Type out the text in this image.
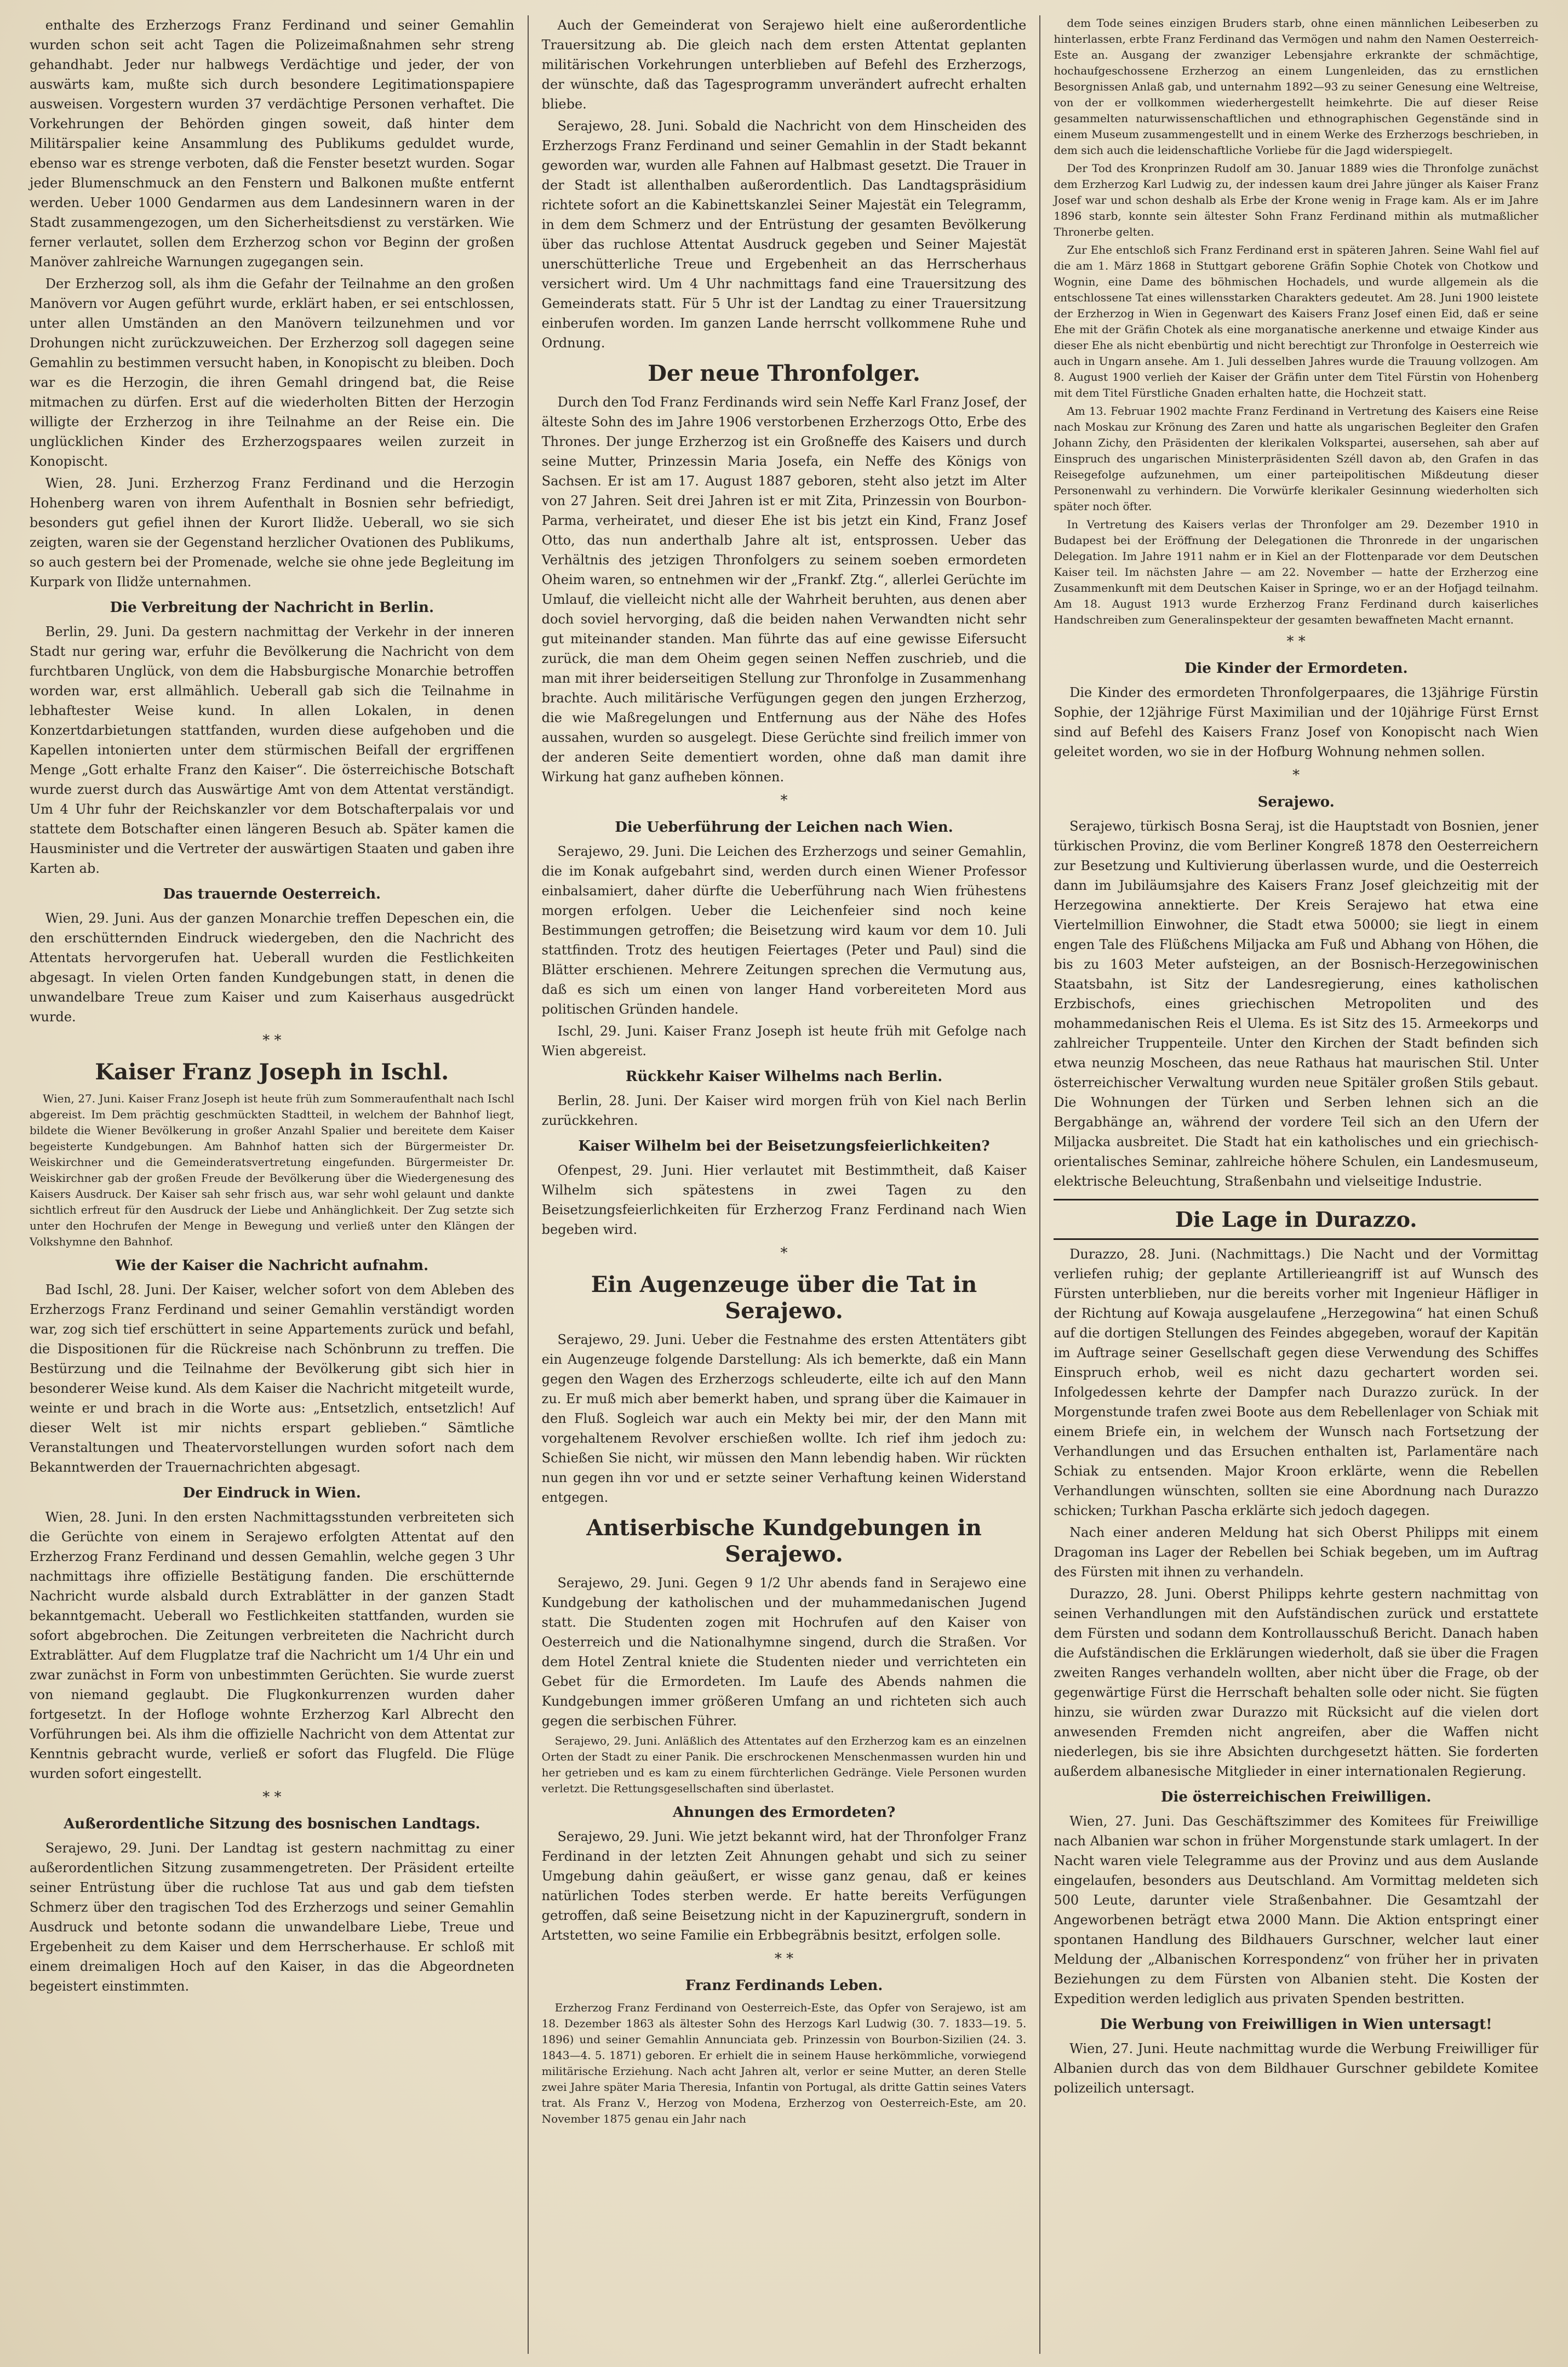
enthalte des Erzherzogs Franz Ferdinand und seiner Gemahlin wurden schon seit acht Tagen die Polizeimaßnahmen sehr streng gehandhabt. Jeder nur halbwegs Verdächtige und jeder, der von auswärts kam, mußte sich durch besondere Legitimationspapiere ausweisen. Vorgestern wurden 37 verdächtige Personen verhaftet. Die Vorkehrungen der Behörden gingen soweit, daß hinter dem Militärspalier keine Ansammlung des Publikums geduldet wurde, ebenso war es strenge verboten, daß die Fenster besetzt wurden. Sogar jeder Blumenschmuck an den Fenstern und Balkonen mußte entfernt werden. Ueber 1000 Gendarmen aus dem Landesinnern waren in der Stadt zusammengezogen, um den Sicherheitsdienst zu verstärken. Wie ferner verlautet, sollen dem Erzherzog schon vor Beginn der großen Manöver zahlreiche Warnungen zugegangen sein.

Der Erzherzog soll, als ihm die Gefahr der Teilnahme an den großen Manövern vor Augen geführt wurde, erklärt haben, er sei entschlossen, unter allen Umständen an den Manövern teilzunehmen und vor Drohungen nicht zurückzuweichen. Der Erzherzog soll dagegen seine Gemahlin zu bestimmen versucht haben, in Konopischt zu bleiben. Doch war es die Herzogin, die ihren Gemahl dringend bat, die Reise mitmachen zu dürfen. Erst auf die wiederholten Bitten der Herzogin willigte der Erzherzog in ihre Teilnahme an der Reise ein. Die unglücklichen Kinder des Erzherzogspaares weilen zurzeit in Konopischt.

Wien, 28. Juni. Erzherzog Franz Ferdinand und die Herzogin Hohenberg waren von ihrem Aufenthalt in Bosnien sehr befriedigt, besonders gut gefiel ihnen der Kurort Ilidže. Ueberall, wo sie sich zeigten, waren sie der Gegenstand herzlicher Ovationen des Publikums, so auch gestern bei der Promenade, welche sie ohne jede Begleitung im Kurpark von Ilidže unternahmen.

Die Verbreitung der Nachricht in Berlin.

Berlin, 29. Juni. Da gestern nachmittag der Verkehr in der inneren Stadt nur gering war, erfuhr die Bevölkerung die Nachricht von dem furchtbaren Unglück, von dem die Habsburgische Monarchie betroffen worden war, erst allmählich. Ueberall gab sich die Teilnahme in lebhaftester Weise kund. In allen Lokalen, in denen Konzertdarbietungen stattfanden, wurden diese aufgehoben und die Kapellen intonierten unter dem stürmischen Beifall der ergriffenen Menge „Gott erhalte Franz den Kaiser“. Die österreichische Botschaft wurde zuerst durch das Auswärtige Amt von dem Attentat verständigt. Um 4 Uhr fuhr der Reichskanzler vor dem Botschafterpalais vor und stattete dem Botschafter einen längeren Besuch ab. Später kamen die Hausminister und die Vertreter der auswärtigen Staaten und gaben ihre Karten ab.

Das trauernde Oesterreich.

Wien, 29. Juni. Aus der ganzen Monarchie treffen Depeschen ein, die den erschütternden Eindruck wiedergeben, den die Nachricht des Attentats hervorgerufen hat. Ueberall wurden die Festlichkeiten abgesagt. In vielen Orten fanden Kundgebungen statt, in denen die unwandelbare Treue zum Kaiser und zum Kaiserhaus ausgedrückt wurde.

* *
Kaiser Franz Joseph in Ischl.

Wien, 27. Juni. Kaiser Franz Joseph ist heute früh zum Sommeraufenthalt nach Ischl abgereist. Im Dem prächtig geschmückten Stadtteil, in welchem der Bahnhof liegt, bildete die Wiener Bevölkerung in großer Anzahl Spalier und bereitete dem Kaiser begeisterte Kundgebungen. Am Bahnhof hatten sich der Bürgermeister Dr. Weiskirchner und die Gemeinderatsvertretung eingefunden. Bürgermeister Dr. Weiskirchner gab der großen Freude der Bevölkerung über die Wiedergenesung des Kaisers Ausdruck. Der Kaiser sah sehr frisch aus, war sehr wohl gelaunt und dankte sichtlich erfreut für den Ausdruck der Liebe und Anhänglichkeit. Der Zug setzte sich unter den Hochrufen der Menge in Bewegung und verließ unter den Klängen der Volkshymne den Bahnhof.

Wie der Kaiser die Nachricht aufnahm.

Bad Ischl, 28. Juni. Der Kaiser, welcher sofort von dem Ableben des Erzherzogs Franz Ferdinand und seiner Gemahlin verständigt worden war, zog sich tief erschüttert in seine Appartements zurück und befahl, die Dispositionen für die Rückreise nach Schönbrunn zu treffen. Die Bestürzung und die Teilnahme der Bevölkerung gibt sich hier in besonderer Weise kund. Als dem Kaiser die Nachricht mitgeteilt wurde, weinte er und brach in die Worte aus: „Entsetzlich, entsetzlich! Auf dieser Welt ist mir nichts erspart geblieben.“ Sämtliche Veranstaltungen und Theatervorstellungen wurden sofort nach dem Bekanntwerden der Trauernachrichten abgesagt.

Der Eindruck in Wien.

Wien, 28. Juni. In den ersten Nachmittagsstunden verbreiteten sich die Gerüchte von einem in Serajewo erfolgten Attentat auf den Erzherzog Franz Ferdinand und dessen Gemahlin, welche gegen 3 Uhr nachmittags ihre offizielle Bestätigung fanden. Die erschütternde Nachricht wurde alsbald durch Extrablätter in der ganzen Stadt bekanntgemacht. Ueberall wo Festlichkeiten stattfanden, wurden sie sofort abgebrochen. Die Zeitungen verbreiteten die Nachricht durch Extrablätter. Auf dem Flugplatze traf die Nachricht um 1/4 Uhr ein und zwar zunächst in Form von unbestimmten Gerüchten. Sie wurde zuerst von niemand geglaubt. Die Flugkonkurrenzen wurden daher fortgesetzt. In der Hofloge wohnte Erzherzog Karl Albrecht den Vorführungen bei. Als ihm die offizielle Nachricht von dem Attentat zur Kenntnis gebracht wurde, verließ er sofort das Flugfeld. Die Flüge wurden sofort eingestellt.

* *
Außerordentliche Sitzung des bosnischen Landtags.

Serajewo, 29. Juni. Der Landtag ist gestern nachmittag zu einer außerordentlichen Sitzung zusammengetreten. Der Präsident erteilte seiner Entrüstung über die ruchlose Tat aus und gab dem tiefsten Schmerz über den tragischen Tod des Erzherzogs und seiner Gemahlin Ausdruck und betonte sodann die unwandelbare Liebe, Treue und Ergebenheit zu dem Kaiser und dem Herrscherhause. Er schloß mit einem dreimaligen Hoch auf den Kaiser, in das die Abgeordneten begeistert einstimmten.

Auch der Gemeinderat von Serajewo hielt eine außerordentliche Trauersitzung ab. Die gleich nach dem ersten Attentat geplanten militärischen Vorkehrungen unterblieben auf Befehl des Erzherzogs, der wünschte, daß das Tagesprogramm unverändert aufrecht erhalten bliebe.

Serajewo, 28. Juni. Sobald die Nachricht von dem Hinscheiden des Erzherzogs Franz Ferdinand und seiner Gemahlin in der Stadt bekannt geworden war, wurden alle Fahnen auf Halbmast gesetzt. Die Trauer in der Stadt ist allenthalben außerordentlich. Das Landtagspräsidium richtete sofort an die Kabinettskanzlei Seiner Majestät ein Telegramm, in dem dem Schmerz und der Entrüstung der gesamten Bevölkerung über das ruchlose Attentat Ausdruck gegeben und Seiner Majestät unerschütterliche Treue und Ergebenheit an das Herrscherhaus versichert wird. Um 4 Uhr nachmittags fand eine Trauersitzung des Gemeinderats statt. Für 5 Uhr ist der Landtag zu einer Trauersitzung einberufen worden. Im ganzen Lande herrscht vollkommene Ruhe und Ordnung.

Der neue Thronfolger.

Durch den Tod Franz Ferdinands wird sein Neffe Karl Franz Josef, der älteste Sohn des im Jahre 1906 verstorbenen Erzherzogs Otto, Erbe des Thrones. Der junge Erzherzog ist ein Großneffe des Kaisers und durch seine Mutter, Prinzessin Maria Josefa, ein Neffe des Königs von Sachsen. Er ist am 17. August 1887 geboren, steht also jetzt im Alter von 27 Jahren. Seit drei Jahren ist er mit Zita, Prinzessin von Bourbon-Parma, verheiratet, und dieser Ehe ist bis jetzt ein Kind, Franz Josef Otto, das nun anderthalb Jahre alt ist, entsprossen. Ueber das Verhältnis des jetzigen Thronfolgers zu seinem soeben ermordeten Oheim waren, so entnehmen wir der „Frankf. Ztg.“, allerlei Gerüchte im Umlauf, die vielleicht nicht alle der Wahrheit beruhten, aus denen aber doch soviel hervorging, daß die beiden nahen Verwandten nicht sehr gut miteinander standen. Man führte das auf eine gewisse Eifersucht zurück, die man dem Oheim gegen seinen Neffen zuschrieb, und die man mit ihrer beiderseitigen Stellung zur Thronfolge in Zusammenhang brachte. Auch militärische Verfügungen gegen den jungen Erzherzog, die wie Maßregelungen und Entfernung aus der Nähe des Hofes aussahen, wurden so ausgelegt. Diese Gerüchte sind freilich immer von der anderen Seite dementiert worden, ohne daß man damit ihre Wirkung hat ganz aufheben können.

*
Die Ueberführung der Leichen nach Wien.

Serajewo, 29. Juni. Die Leichen des Erzherzogs und seiner Gemahlin, die im Konak aufgebahrt sind, werden durch einen Wiener Professor einbalsamiert, daher dürfte die Ueberführung nach Wien frühestens morgen erfolgen. Ueber die Leichenfeier sind noch keine Bestimmungen getroffen; die Beisetzung wird kaum vor dem 10. Juli stattfinden. Trotz des heutigen Feiertages (Peter und Paul) sind die Blätter erschienen. Mehrere Zeitungen sprechen die Vermutung aus, daß es sich um einen von langer Hand vorbereiteten Mord aus politischen Gründen handele.

Ischl, 29. Juni. Kaiser Franz Joseph ist heute früh mit Gefolge nach Wien abgereist.

Rückkehr Kaiser Wilhelms nach Berlin.

Berlin, 28. Juni. Der Kaiser wird morgen früh von Kiel nach Berlin zurückkehren.

Kaiser Wilhelm bei der Beisetzungsfeierlichkeiten?

Ofenpest, 29. Juni. Hier verlautet mit Bestimmtheit, daß Kaiser Wilhelm sich spätestens in zwei Tagen zu den Beisetzungsfeierlichkeiten für Erzherzog Franz Ferdinand nach Wien begeben wird.

*
Ein Augenzeuge über die Tat in Serajewo.

Serajewo, 29. Juni. Ueber die Festnahme des ersten Attentäters gibt ein Augenzeuge folgende Darstellung: Als ich bemerkte, daß ein Mann gegen den Wagen des Erzherzogs schleuderte, eilte ich auf den Mann zu. Er muß mich aber bemerkt haben, und sprang über die Kaimauer in den Fluß. Sogleich war auch ein Mekty bei mir, der den Mann mit vorgehaltenem Revolver erschießen wollte. Ich rief ihm jedoch zu: Schießen Sie nicht, wir müssen den Mann lebendig haben. Wir rückten nun gegen ihn vor und er setzte seiner Verhaftung keinen Widerstand entgegen.

Antiserbische Kundgebungen in Serajewo.

Serajewo, 29. Juni. Gegen 9 1/2 Uhr abends fand in Serajewo eine Kundgebung der katholischen und der muhammedanischen Jugend statt. Die Studenten zogen mit Hochrufen auf den Kaiser von Oesterreich und die Nationalhymne singend, durch die Straßen. Vor dem Hotel Zentral kniete die Studenten nieder und verrichteten ein Gebet für die Ermordeten. Im Laufe des Abends nahmen die Kundgebungen immer größeren Umfang an und richteten sich auch gegen die serbischen Führer.

Serajewo, 29. Juni. Anläßlich des Attentates auf den Erzherzog kam es an einzelnen Orten der Stadt zu einer Panik. Die erschrockenen Menschenmassen wurden hin und her getrieben und es kam zu einem fürchterlichen Gedränge. Viele Personen wurden verletzt. Die Rettungsgesellschaften sind überlastet.

Ahnungen des Ermordeten?

Serajewo, 29. Juni. Wie jetzt bekannt wird, hat der Thronfolger Franz Ferdinand in der letzten Zeit Ahnungen gehabt und sich zu seiner Umgebung dahin geäußert, er wisse ganz genau, daß er keines natürlichen Todes sterben werde. Er hatte bereits Verfügungen getroffen, daß seine Beisetzung nicht in der Kapuzinergruft, sondern in Artstetten, wo seine Familie ein Erbbegräbnis besitzt, erfolgen solle.

* *
Franz Ferdinands Leben.

Erzherzog Franz Ferdinand von Oesterreich-Este, das Opfer von Serajewo, ist am 18. Dezember 1863 als ältester Sohn des Herzogs Karl Ludwig (30. 7. 1833—19. 5. 1896) und seiner Gemahlin Annunciata geb. Prinzessin von Bourbon-Sizilien (24. 3. 1843—4. 5. 1871) geboren. Er erhielt die in seinem Hause herkömmliche, vorwiegend militärische Erziehung. Nach acht Jahren alt, verlor er seine Mutter, an deren Stelle zwei Jahre später Maria Theresia, Infantin von Portugal, als dritte Gattin seines Vaters trat. Als Franz V., Herzog von Modena, Erzherzog von Oesterreich-Este, am 20. November 1875 genau ein Jahr nach

dem Tode seines einzigen Bruders starb, ohne einen männlichen Leibeserben zu hinterlassen, erbte Franz Ferdinand das Vermögen und nahm den Namen Oesterreich-Este an. Ausgang der zwanziger Lebensjahre erkrankte der schmächtige, hochaufgeschossene Erzherzog an einem Lungenleiden, das zu ernstlichen Besorgnissen Anlaß gab, und unternahm 1892—93 zu seiner Genesung eine Weltreise, von der er vollkommen wiederhergestellt heimkehrte. Die auf dieser Reise gesammelten naturwissenschaftlichen und ethnographischen Gegenstände sind in einem Museum zusammengestellt und in einem Werke des Erzherzogs beschrieben, in dem sich auch die leidenschaftliche Vorliebe für die Jagd widerspiegelt.

Der Tod des Kronprinzen Rudolf am 30. Januar 1889 wies die Thronfolge zunächst dem Erzherzog Karl Ludwig zu, der indessen kaum drei Jahre jünger als Kaiser Franz Josef war und schon deshalb als Erbe der Krone wenig in Frage kam. Als er im Jahre 1896 starb, konnte sein ältester Sohn Franz Ferdinand mithin als mutmaßlicher Thronerbe gelten.

Zur Ehe entschloß sich Franz Ferdinand erst in späteren Jahren. Seine Wahl fiel auf die am 1. März 1868 in Stuttgart geborene Gräfin Sophie Chotek von Chotkow und Wognin, eine Dame des böhmischen Hochadels, und wurde allgemein als die entschlossene Tat eines willensstarken Charakters gedeutet. Am 28. Juni 1900 leistete der Erzherzog in Wien in Gegenwart des Kaisers Franz Josef einen Eid, daß er seine Ehe mit der Gräfin Chotek als eine morganatische anerkenne und etwaige Kinder aus dieser Ehe als nicht ebenbürtig und nicht berechtigt zur Thronfolge in Oesterreich wie auch in Ungarn ansehe. Am 1. Juli desselben Jahres wurde die Trauung vollzogen. Am 8. August 1900 verlieh der Kaiser der Gräfin unter dem Titel Fürstin von Hohenberg mit dem Titel Fürstliche Gnaden erhalten hatte, die Hochzeit statt.

Am 13. Februar 1902 machte Franz Ferdinand in Vertretung des Kaisers eine Reise nach Moskau zur Krönung des Zaren und hatte als ungarischen Begleiter den Grafen Johann Zichy, den Präsidenten der klerikalen Volkspartei, ausersehen, sah aber auf Einspruch des ungarischen Ministerpräsidenten Széll davon ab, den Grafen in das Reisegefolge aufzunehmen, um einer parteipolitischen Mißdeutung dieser Personenwahl zu verhindern. Die Vorwürfe klerikaler Gesinnung wiederholten sich später noch öfter.

In Vertretung des Kaisers verlas der Thronfolger am 29. Dezember 1910 in Budapest bei der Eröffnung der Delegationen die Thronrede in der ungarischen Delegation. Im Jahre 1911 nahm er in Kiel an der Flottenparade vor dem Deutschen Kaiser teil. Im nächsten Jahre — am 22. November — hatte der Erzherzog eine Zusammenkunft mit dem Deutschen Kaiser in Springe, wo er an der Hofjagd teilnahm. Am 18. August 1913 wurde Erzherzog Franz Ferdinand durch kaiserliches Handschreiben zum Generalinspekteur der gesamten bewaffneten Macht ernannt.

* *
Die Kinder der Ermordeten.

Die Kinder des ermordeten Thronfolgerpaares, die 13jährige Fürstin Sophie, der 12jährige Fürst Maximilian und der 10jährige Fürst Ernst sind auf Befehl des Kaisers Franz Josef von Konopischt nach Wien geleitet worden, wo sie in der Hofburg Wohnung nehmen sollen.

*
Serajewo.

Serajewo, türkisch Bosna Seraj, ist die Hauptstadt von Bosnien, jener türkischen Provinz, die vom Berliner Kongreß 1878 den Oesterreichern zur Besetzung und Kultivierung überlassen wurde, und die Oesterreich dann im Jubiläumsjahre des Kaisers Franz Josef gleichzeitig mit der Herzegowina annektierte. Der Kreis Serajewo hat etwa eine Viertelmillion Einwohner, die Stadt etwa 50000; sie liegt in einem engen Tale des Flüßchens Miljacka am Fuß und Abhang von Höhen, die bis zu 1603 Meter aufsteigen, an der Bosnisch-Herzegowinischen Staatsbahn, ist Sitz der Landesregierung, eines katholischen Erzbischofs, eines griechischen Metropoliten und des mohammedanischen Reis el Ulema. Es ist Sitz des 15. Armeekorps und zahlreicher Truppenteile. Unter den Kirchen der Stadt befinden sich etwa neunzig Moscheen, das neue Rathaus hat maurischen Stil. Unter österreichischer Verwaltung wurden neue Spitäler großen Stils gebaut. Die Wohnungen der Türken und Serben lehnen sich an die Bergabhänge an, während der vordere Teil sich an den Ufern der Miljacka ausbreitet. Die Stadt hat ein katholisches und ein griechisch-orientalisches Seminar, zahlreiche höhere Schulen, ein Landesmuseum, elektrische Beleuchtung, Straßenbahn und vielseitige Industrie.

Die Lage in Durazzo.

Durazzo, 28. Juni. (Nachmittags.) Die Nacht und der Vormittag verliefen ruhig; der geplante Artillerieangriff ist auf Wunsch des Fürsten unterblieben, nur die bereits vorher mit Ingenieur Häfliger in der Richtung auf Kowaja ausgelaufene „Herzegowina“ hat einen Schuß auf die dortigen Stellungen des Feindes abgegeben, worauf der Kapitän im Auftrage seiner Gesellschaft gegen diese Verwendung des Schiffes Einspruch erhob, weil es nicht dazu gechartert worden sei. Infolgedessen kehrte der Dampfer nach Durazzo zurück. In der Morgenstunde trafen zwei Boote aus dem Rebellenlager von Schiak mit einem Briefe ein, in welchem der Wunsch nach Fortsetzung der Verhandlungen und das Ersuchen enthalten ist, Parlamentäre nach Schiak zu entsenden. Major Kroon erklärte, wenn die Rebellen Verhandlungen wünschten, sollten sie eine Abordnung nach Durazzo schicken; Turkhan Pascha erklärte sich jedoch dagegen.

Nach einer anderen Meldung hat sich Oberst Philipps mit einem Dragoman ins Lager der Rebellen bei Schiak begeben, um im Auftrag des Fürsten mit ihnen zu verhandeln.

Durazzo, 28. Juni. Oberst Philipps kehrte gestern nachmittag von seinen Verhandlungen mit den Aufständischen zurück und erstattete dem Fürsten und sodann dem Kontrollausschuß Bericht. Danach haben die Aufständischen die Erklärungen wiederholt, daß sie über die Fragen zweiten Ranges verhandeln wollten, aber nicht über die Frage, ob der gegenwärtige Fürst die Herrschaft behalten solle oder nicht. Sie fügten hinzu, sie würden zwar Durazzo mit Rücksicht auf die vielen dort anwesenden Fremden nicht angreifen, aber die Waffen nicht niederlegen, bis sie ihre Absichten durchgesetzt hätten. Sie forderten außerdem albanesische Mitglieder in einer internationalen Regierung.

Die österreichischen Freiwilligen.

Wien, 27. Juni. Das Geschäftszimmer des Komitees für Freiwillige nach Albanien war schon in früher Morgenstunde stark umlagert. In der Nacht waren viele Telegramme aus der Provinz und aus dem Auslande eingelaufen, besonders aus Deutschland. Am Vormittag meldeten sich 500 Leute, darunter viele Straßenbahner. Die Gesamtzahl der Angeworbenen beträgt etwa 2000 Mann. Die Aktion entspringt einer spontanen Handlung des Bildhauers Gurschner, welcher laut einer Meldung der „Albanischen Korrespondenz“ von früher her in privaten Beziehungen zu dem Fürsten von Albanien steht. Die Kosten der Expedition werden lediglich aus privaten Spenden bestritten.

Die Werbung von Freiwilligen in Wien untersagt!

Wien, 27. Juni. Heute nachmittag wurde die Werbung Freiwilliger für Albanien durch das von dem Bildhauer Gurschner gebildete Komitee polizeilich untersagt.
